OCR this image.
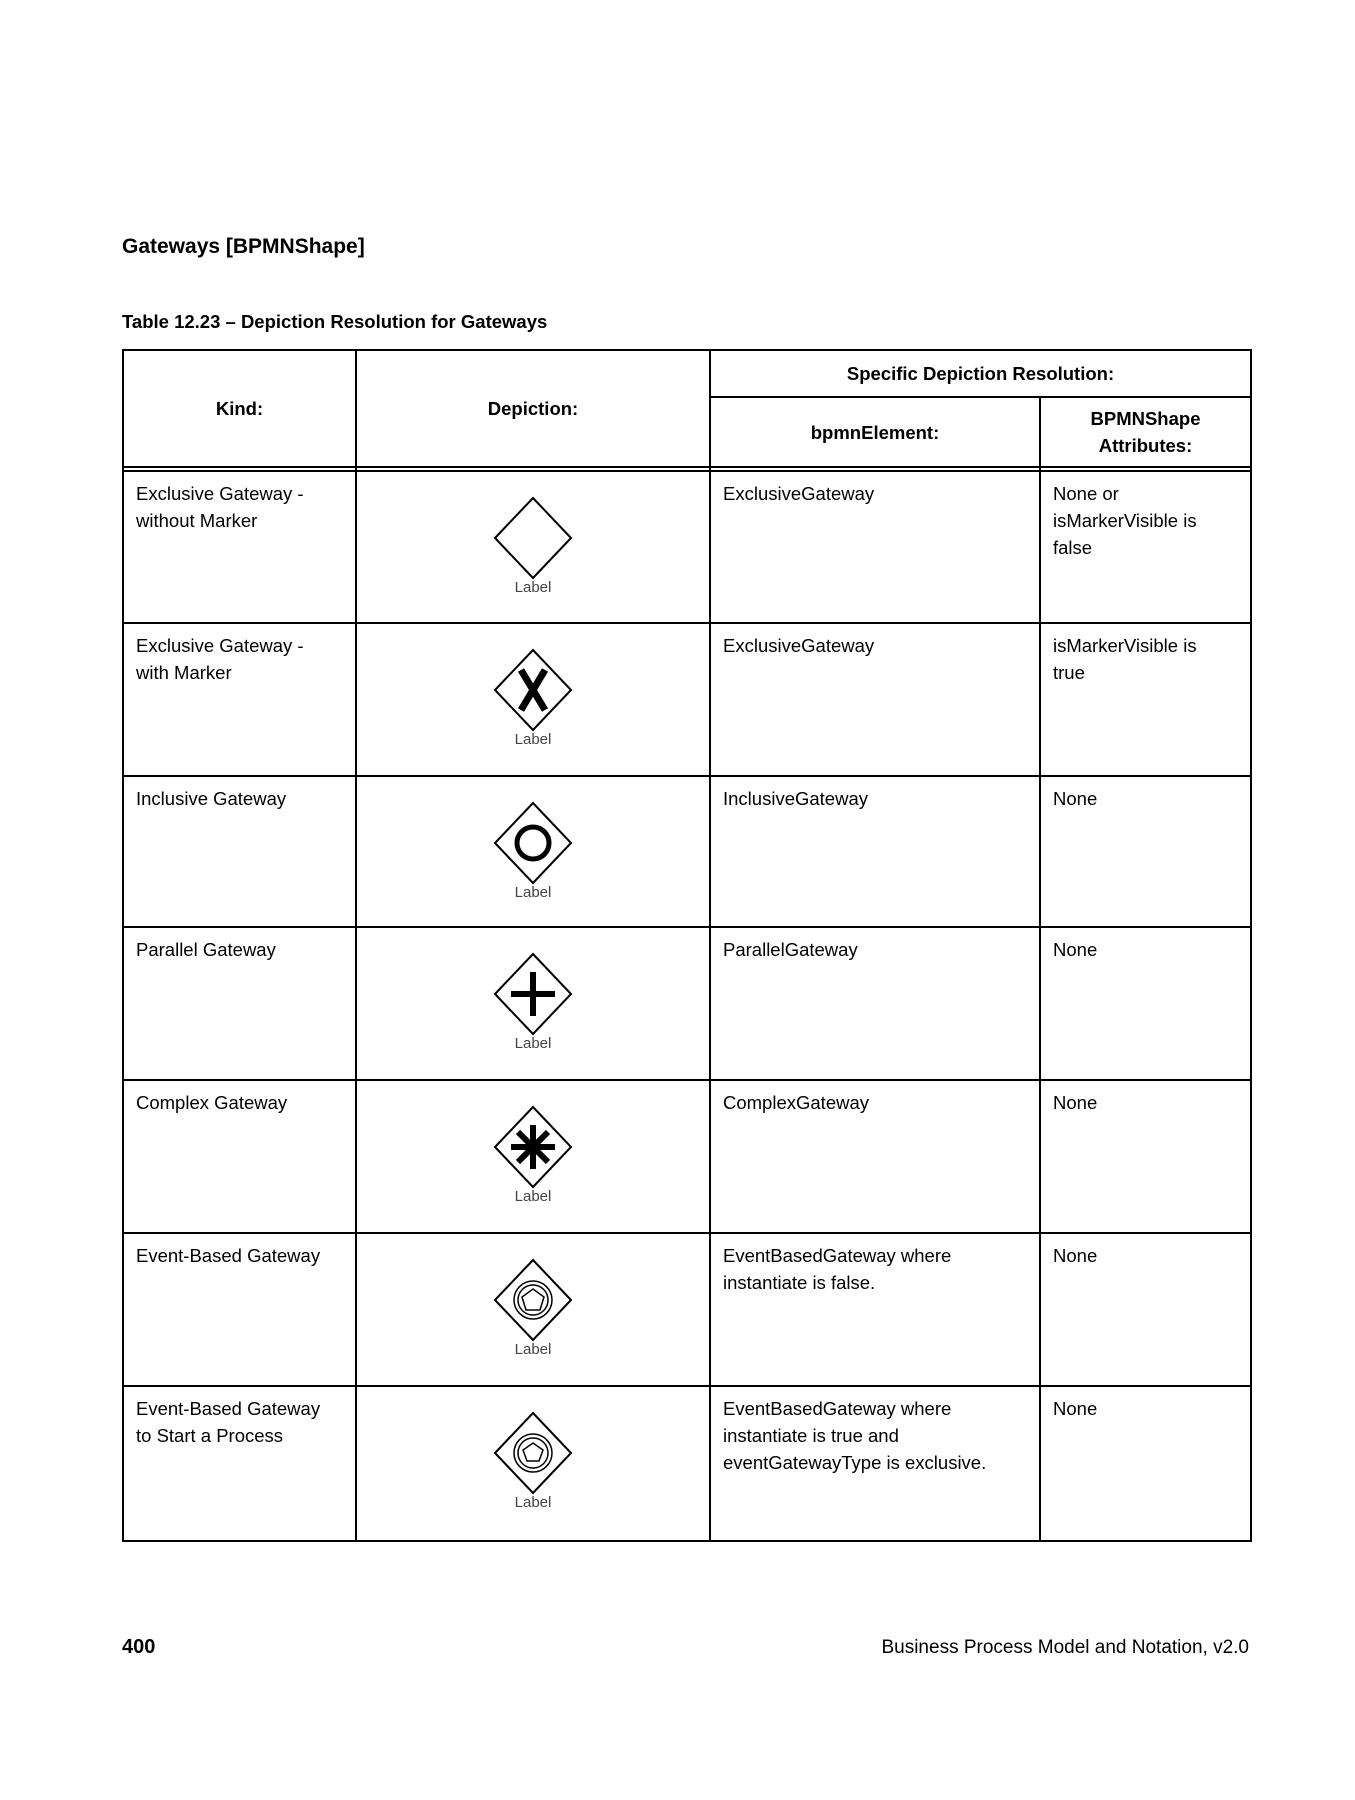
Gateways [BPMNShape]
Table 12.23 – Depiction Resolution for Gateways
Kind:	Depiction:	Specific Depiction Resolution:	
		bpmnElement:	BPMNShape Attributes:

Exclusive Gateway - without Marker	Label	ExclusiveGateway	None or isMarkerVisible is false
Exclusive Gateway - with Marker	Label	ExclusiveGateway	isMarkerVisible is true
Inclusive Gateway	Label	InclusiveGateway	None
Parallel Gateway	Label	ParallelGateway	None
Complex Gateway	Label	ComplexGateway	None
Event-Based Gateway	Label	EventBasedGateway where instantiate is false.	None
Event-Based Gateway to Start a Process	Label	EventBasedGateway where instantiate is true and eventGatewayType is exclusive.	None
400	Business Process Model and Notation, v2.0
